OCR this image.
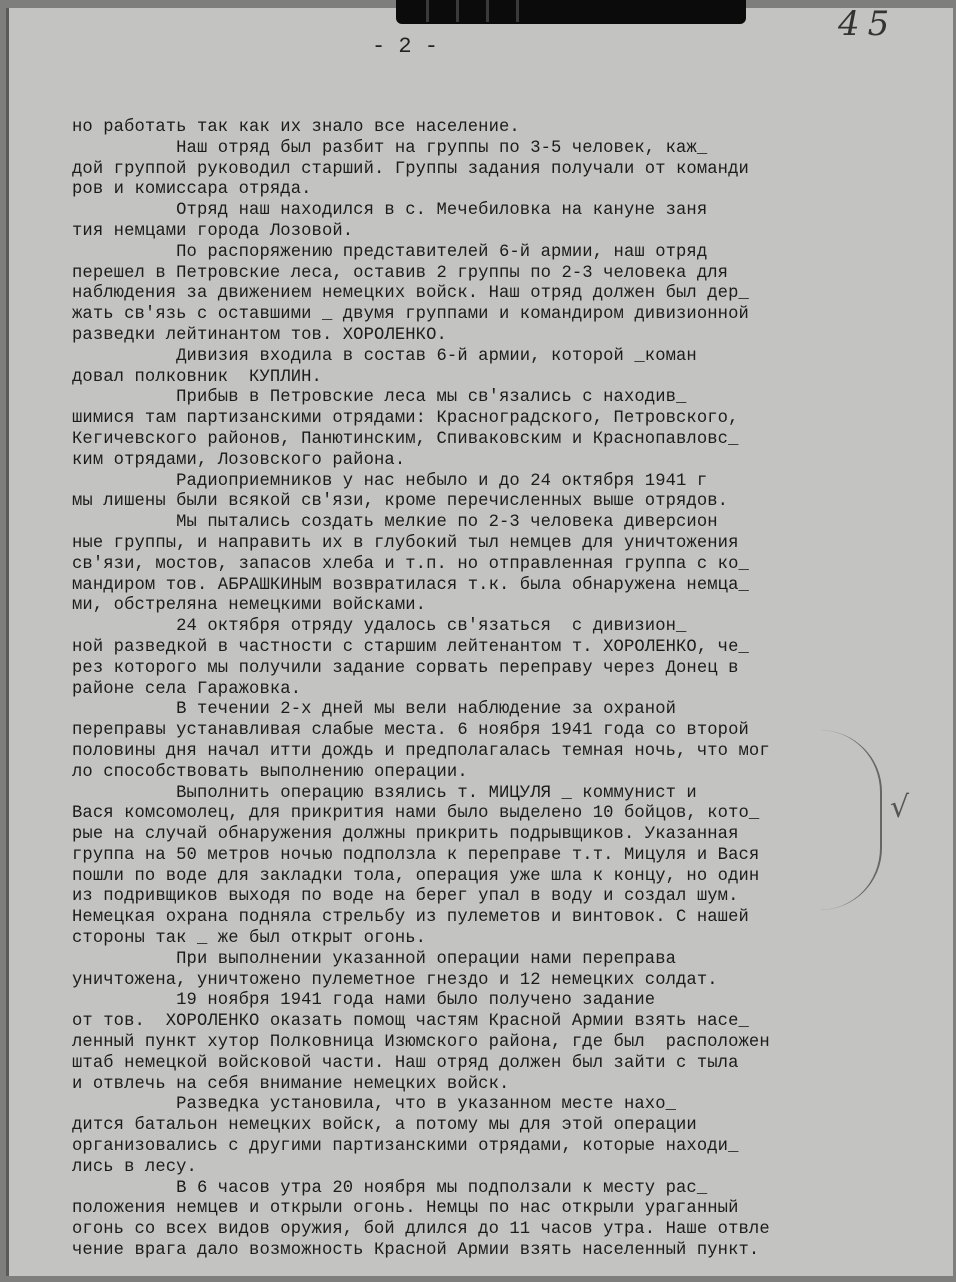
- 2 -
45
но работать так как их знало все население.
Наш отряд был разбит на группы по 3-5 человек, каж_
дой группой руководил старший. Группы задания получали от команди
ров и комиссара отряда.
Отряд наш находился в с. Мечебиловка на кануне заня
тия немцами города Лозовой.
По распоряжению представителей 6-й армии, наш отряд
перешел в Петровские леса, оставив 2 группы по 2-3 человека для
наблюдения за движением немецких войск. Наш отряд должен был дер_
жать св'язь с оставшими _ двумя группами и командиром дивизионной
разведки лейтинантом тов. ХОРОЛЕНКО.
Дивизия входила в состав 6-й армии, которой _коман
довал полковник  КУПЛИН.
Прибыв в Петровские леса мы св'язались с находив_
шимися там партизанскими отрядами: Красноградского, Петровского,
Кегичевского районов, Панютинским, Спиваковским и Краснопавловс_
ким отрядами, Лозовского района.
Радиоприемников у нас небыло и до 24 октября 1941 г
мы лишены были всякой св'язи, кроме перечисленных выше отрядов.
Мы пытались создать мелкие по 2-3 человека диверсион
ные группы, и направить их в глубокий тыл немцев для уничтожения
св'язи, мостов, запасов хлеба и т.п. но отправленная группа с ко_
мандиром тов. АБРАШКИНЫМ возвратилася т.к. была обнаружена немца_
ми, обстреляна немецкими войсками.
24 октября отряду удалось св'язаться  с дивизион_
ной разведкой в частности с старшим лейтенантом т. ХОРОЛЕНКО, че_
рез которого мы получили задание сорвать переправу через Донец в
районе села Гаражовка.
В течении 2-х дней мы вели наблюдение за охраной
переправы устанавливая слабые места. 6 ноября 1941 года со второй
половины дня начал итти дождь и предполагалась темная ночь, что мог
ло способствовать выполнению операции.
Выполнить операцию взялись т. МИЦУЛЯ _ коммунист и
Вася комсомолец, для прикрития нами было выделено 10 бойцов, кото_
рые на случай обнаружения должны прикрить подрывщиков. Указанная
группа на 50 метров ночью подползла к переправе т.т. Мицуля и Вася
пошли по воде для закладки тола, операция уже шла к концу, но один
из подривщиков выходя по воде на берег упал в воду и создал шум.
Немецкая охрана подняла стрельбу из пулеметов и винтовок. С нашей
стороны так _ же был открыт огонь.
При выполнении указанной операции нами переправа
уничтожена, уничтожено пулеметное гнездо и 12 немецких солдат.
19 ноября 1941 года нами было получено задание
от тов.  ХОРОЛЕНКО оказать помощ частям Красной Армии взять насе_
ленный пункт хутор Полковница Изюмского района, где был  расположен
штаб немецкой войсковой части. Наш отряд должен был зайти с тыла
и отвлечь на себя внимание немецких войск.
Разведка установила, что в указанном месте нахо_
дится батальон немецких войск, а потому мы для этой операции
организовались с другими партизанскими отрядами, которые находи_
лись в лесу.
В 6 часов утра 20 ноября мы подползали к месту рас_
положения немцев и открыли огонь. Немцы по нас открыли ураганный
огонь со всех видов оружия, бой длился до 11 часов утра. Наше отвле
чение врага дало возможность Красной Армии взять населенный пункт.
√
